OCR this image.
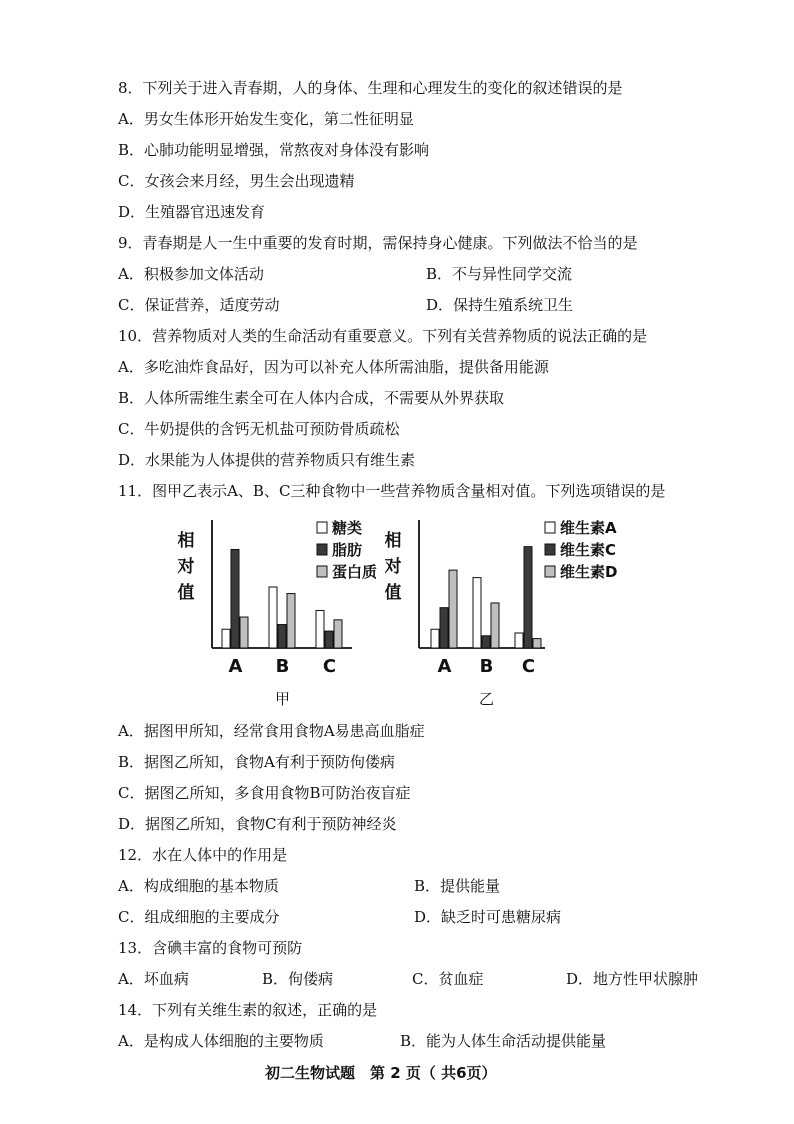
8．下列关于进入青春期，人的身体、生理和心理发生的变化的叙述错误的是
A．男女生体形开始发生变化，第二性征明显
B．心肺功能明显增强，常熬夜对身体没有影响
C．女孩会来月经，男生会出现遗精
D．生殖器官迅速发育
9．青春期是人一生中重要的发育时期，需保持身心健康。下列做法不恰当的是
A．积极参加文体活动	B．不与异性同学交流
C．保证营养，适度劳动	D．保持生殖系统卫生
10．营养物质对人类的生命活动有重要意义。下列有关营养物质的说法正确的是
A．多吃油炸食品好，因为可以补充人体所需油脂，提供备用能源
B．人体所需维生素全可在人体内合成，不需要从外界获取
C．牛奶提供的含钙无机盐可预防骨质疏松
D．水果能为人体提供的营养物质只有维生素
11．图甲乙表示A、B、C三种食物中一些营养物质含量相对值。下列选项错误的是
相
对
值
A B C
糖类
脂肪
蛋白质
甲
相
对
值
A B C
维生素A
维生素C
维生素D
乙
A．据图甲所知，经常食用食物A易患高血脂症
B．据图乙所知，食物A有利于预防佝偻病
C．据图乙所知，多食用食物B可防治夜盲症
D．据图乙所知，食物C有利于预防神经炎
12．水在人体中的作用是
A．构成细胞的基本物质	B．提供能量
C．组成细胞的主要成分	D．缺乏时可患糖尿病
13．含碘丰富的食物可预防
A．坏血病	B．佝偻病	C．贫血症	D．地方性甲状腺肿
14．下列有关维生素的叙述，正确的是
A．是构成人体细胞的主要物质	B．能为人体生命活动提供能量
初二生物试题　第 2 页（ 共6页）
